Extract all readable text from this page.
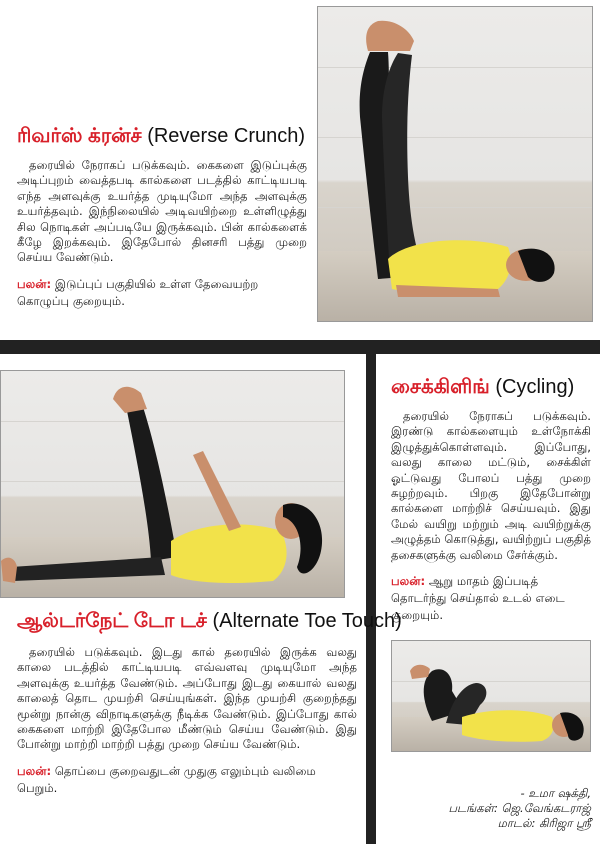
ரிவர்ஸ் க்ரன்ச் (Reverse Crunch)

தரையில் நேராகப் படுக்கவும். கைகளை இடுப்புக்கு அடிப்புறம் வைத்தபடி கால்களை படத்தில் காட்டியபடி எந்த அளவுக்கு உயர்த்த முடியுமோ அந்த அளவுக்கு உயர்த்தவும். இந்நிலையில் அடிவயிற்றை உள்ளிழுத்து சில நொடிகள் அப்படியே இருக்கவும். பின் கால்களைக் கீழே இறக்கவும். இதேபோல் தினசரி பத்து முறை செய்ய வேண்டும்.

பலன்: இடுப்புப் பகுதியில் உள்ள தேவையற்ற கொழுப்பு குறையும்.

ஆல்டர்நேட் டோ டச் (Alternate Toe Touch)

தரையில் படுக்கவும். இடது கால் தரையில் இருக்க வலது காலை படத்தில் காட்டியபடி எவ்வளவு முடியுமோ அந்த அளவுக்கு உயர்த்த வேண்டும். அப்போது இடது கையால் வலது காலைத் தொட முயற்சி செய்யுங்கள். இந்த முயற்சி குறைந்தது மூன்று நான்கு விநாடிகளுக்கு நீடிக்க வேண்டும். இப்போது கால் கைகளை மாற்றி இதேபோல மீண்டும் செய்ய வேண்டும். இது போன்று மாற்றி மாற்றி பத்து முறை செய்ய வேண்டும்.

பலன்: தொப்பை குறைவதுடன் முதுகு எலும்பும் வலிமை பெறும்.

சைக்கிளிங் (Cycling)

தரையில் நேராகப் படுக்கவும். இரண்டு கால்களையும் உள்நோக்கி இழுத்துக்கொள்ளவும். இப்போது, வலது காலை மட்டும், சைக்கிள் ஓட்டுவது போலப் பத்து முறை சுழற்றவும். பிறகு இதேபோன்று கால்களை மாற்றிச் செய்யவும். இது மேல் வயிறு மற்றும் அடி வயிற்றுக்கு அழுத்தம் கொடுத்து, வயிற்றுப் பகுதித் தசைகளுக்கு வலிமை சேர்க்கும்.

பலன்: ஆறு மாதம் இப்படித் தொடர்ந்து செய்தால் உடல் எடை குறையும்.

- உமா ஷக்தி,
படங்கள்: ஜெ.வேங்கடராஜ்
மாடல்: கிரிஜா ஸ்ரீ
